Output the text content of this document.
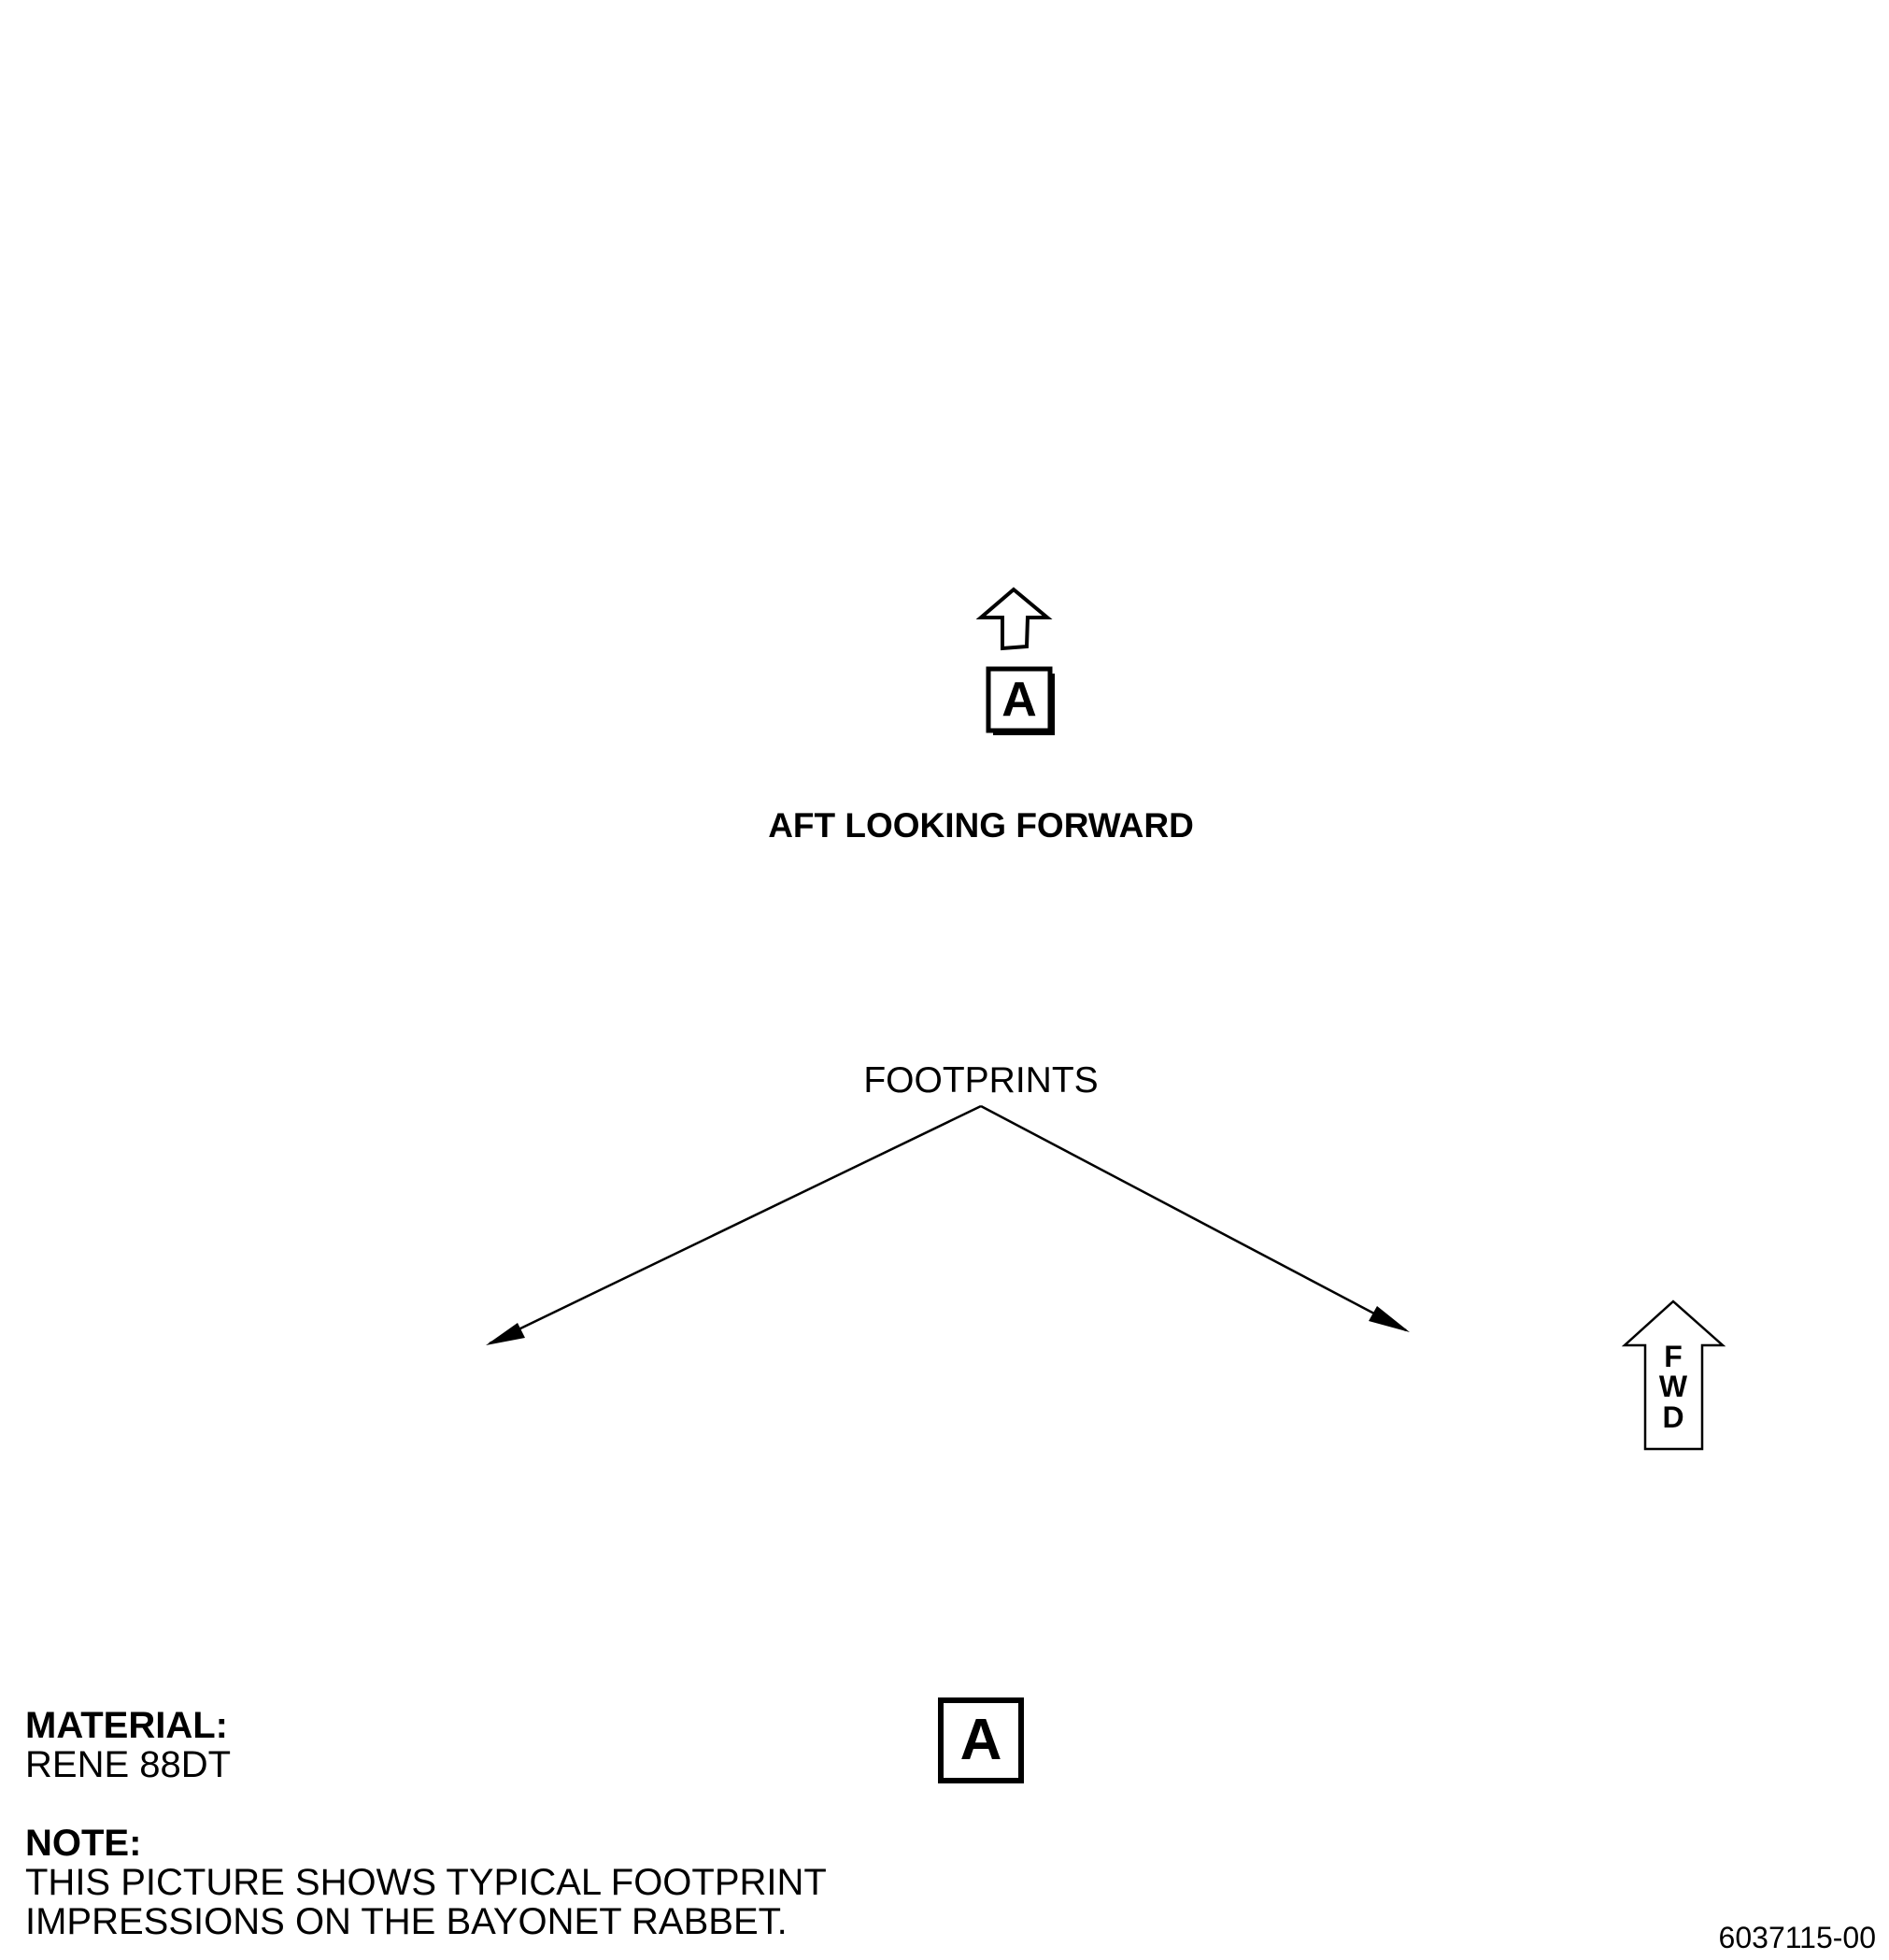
A
AFT LOOKING FORWARD
FOOTPRINTS
F
W
D
A
MATERIAL:
RENE 88DT
NOTE:
THIS PICTURE SHOWS TYPICAL FOOTPRINT
IMPRESSIONS ON THE BAYONET RABBET.	6037115-00
